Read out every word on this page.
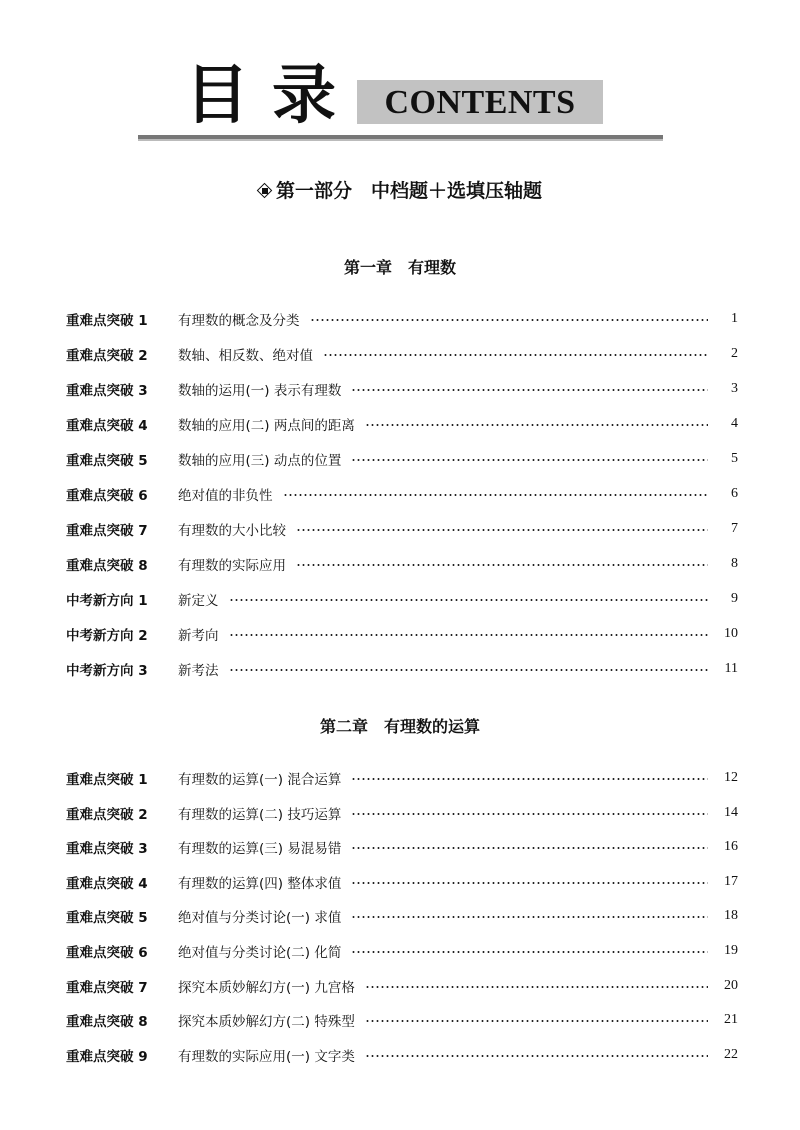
目 录	CONTENTS
第一部分　中档题＋选填压轴题
第一章　有理数
重难点突破 1	有理数的概念及分类	1
重难点突破 2	数轴、相反数、绝对值	2
重难点突破 3	数轴的运用(一) 表示有理数	3
重难点突破 4	数轴的应用(二) 两点间的距离	4
重难点突破 5	数轴的应用(三) 动点的位置	5
重难点突破 6	绝对值的非负性	6
重难点突破 7	有理数的大小比较	7
重难点突破 8	有理数的实际应用	8
中考新方向 1	新定义	9
中考新方向 2	新考向	10
中考新方向 3	新考法	11
第二章　有理数的运算
重难点突破 1	有理数的运算(一) 混合运算	12
重难点突破 2	有理数的运算(二) 技巧运算	14
重难点突破 3	有理数的运算(三) 易混易错	16
重难点突破 4	有理数的运算(四) 整体求值	17
重难点突破 5	绝对值与分类讨论(一) 求值	18
重难点突破 6	绝对值与分类讨论(二) 化简	19
重难点突破 7	探究本质妙解幻方(一) 九宫格	20
重难点突破 8	探究本质妙解幻方(二) 特殊型	21
重难点突破 9	有理数的实际应用(一) 文字类	22
